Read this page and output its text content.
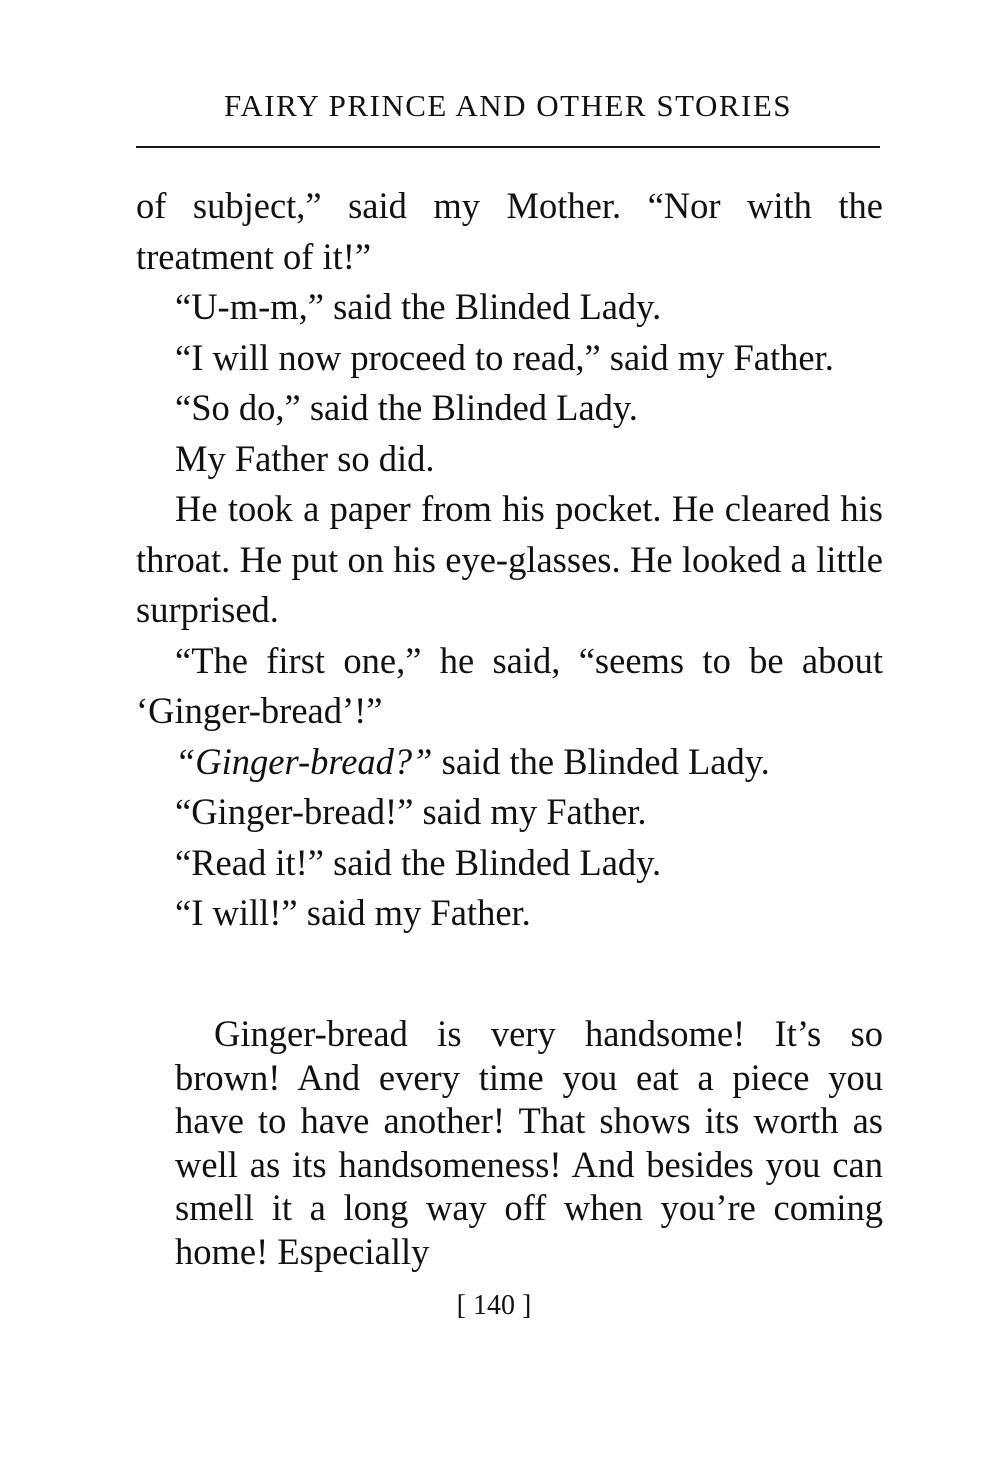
FAIRY PRINCE AND OTHER STORIES

of subject,” said my Mother. “Nor with the treatment of it!”

“U-m-m,” said the Blinded Lady.

“I will now proceed to read,” said my Father.

“So do,” said the Blinded Lady.

My Father so did.

He took a paper from his pocket. He cleared his throat. He put on his eye-glasses. He looked a little surprised.

“The first one,” he said, “seems to be about ‘Ginger-bread’!”

“Ginger-bread?” said the Blinded Lady.

“Ginger-bread!” said my Father.

“Read it!” said the Blinded Lady.

“I will!” said my Father.

Ginger-bread is very handsome! It’s so brown! And every time you eat a piece you have to have another! That shows its worth as well as its handsomeness! And besides you can smell it a long way off when you’re coming home! Especially

[ 140 ]
